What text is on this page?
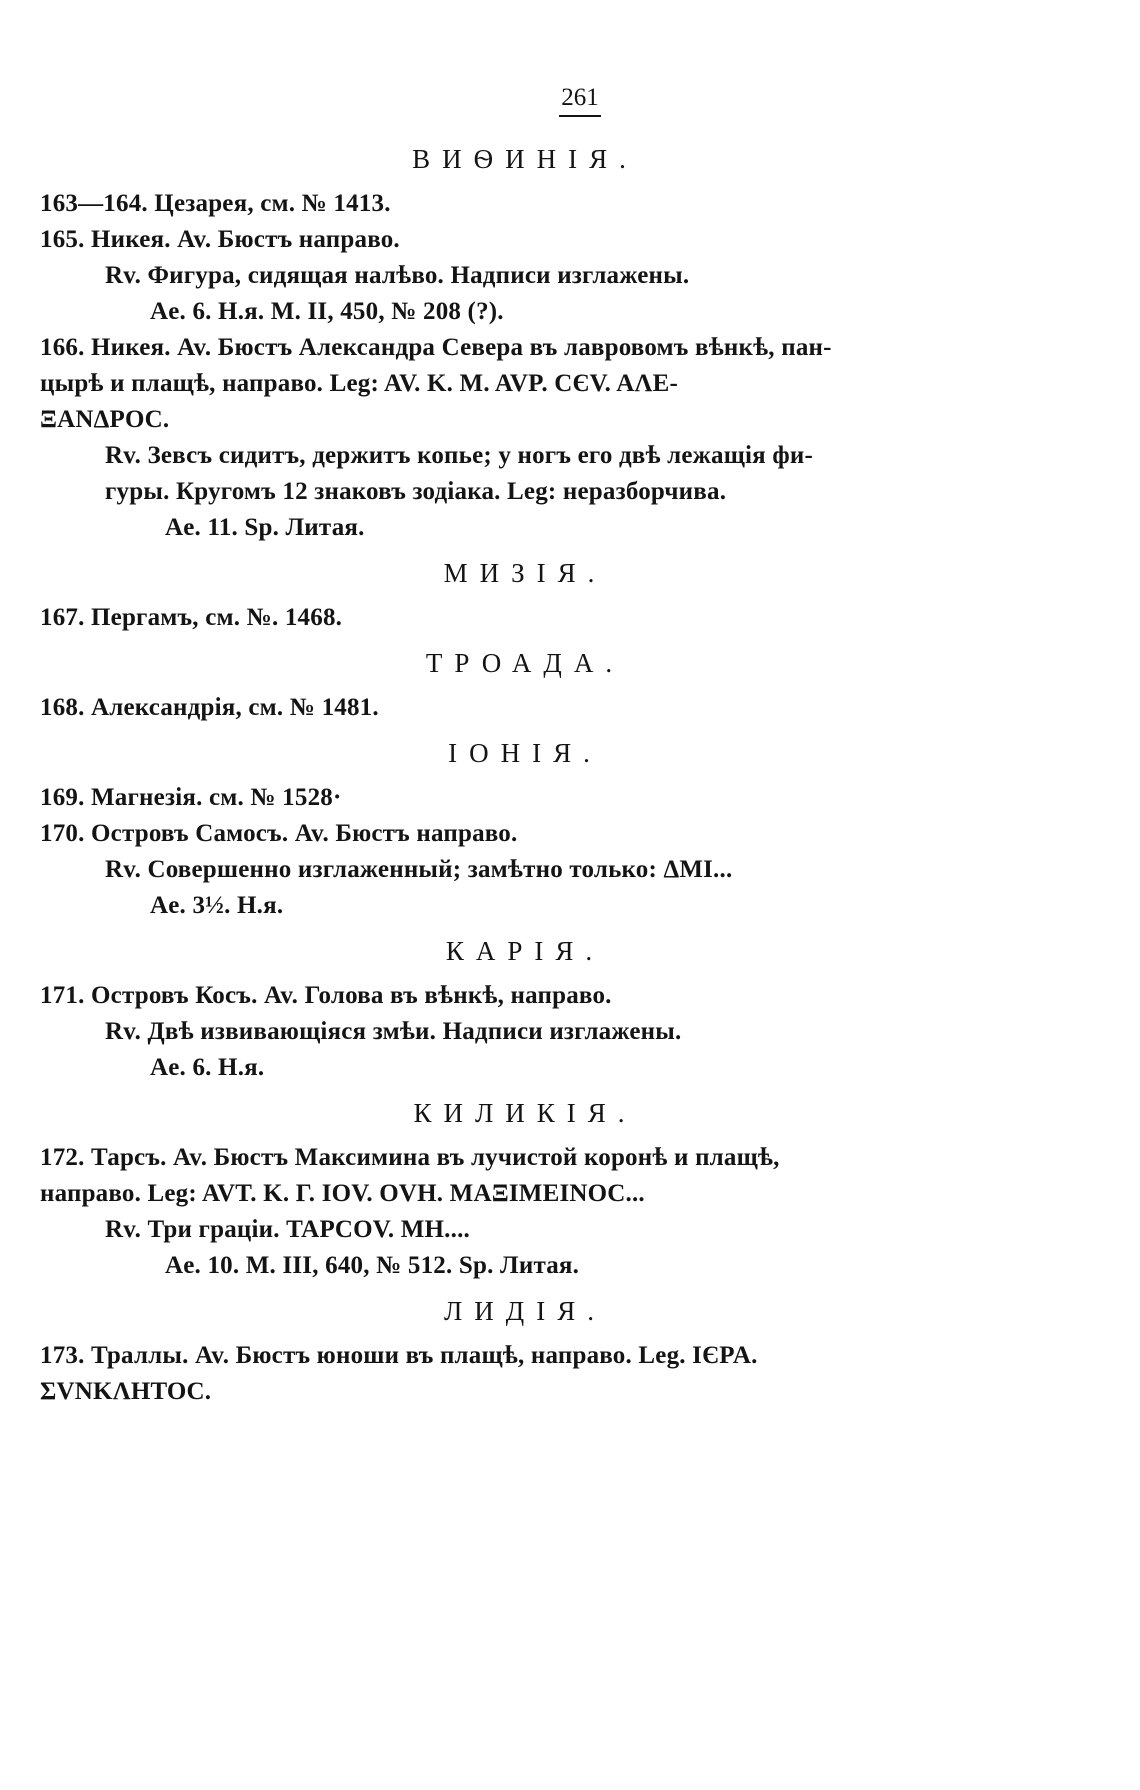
261
ВИѲИНІЯ.
163—164. Цезарея, см. № 1413.
165. Никея. Av. Бюстъ направо.
Rv. Фигура, сидящая налѣво. Надписи изглажены.
Ae. 6. Н.я. M. II, 450, № 208 (?).
166. Никея. Av. Бюстъ Александра Севера въ лавровомъ вѣнкѣ, пан-
цырѣ и плащѣ, направо. Leg: AV. K. M. AVP. CЄV. AΛE-
ΞANΔPOC.
Rv. Зевсъ сидитъ, держитъ копье; у ногъ его двѣ лежащія фи-
гуры. Кругомъ 12 знаковъ зодіака. Leg: неразборчива.
Ae. 11. Sp. Литая.
МИЗІЯ.
167. Пергамъ, см. №. 1468.
ТРОАДА.
168. Александрія, см. № 1481.
ІОНІЯ.
169. Магнезія. см. № 1528·
170. Островъ Самосъ. Av. Бюстъ направо.
Rv. Совершенно изглаженный; замѣтно только: ΔMI...
Ae. 3½. Н.я.
КАРІЯ.
171. Островъ Косъ. Av. Голова въ вѣнкѣ, направо.
Rv. Двѣ извивающіяся змѣи. Надписи изглажены.
Ae. 6. Н.я.
КИЛИКІЯ.
172. Тарсъ. Av. Бюстъ Максимина въ лучистой коронѣ и плащѣ,
направо. Leg: AVT. K. Γ. IOV. OVH. MAΞIMEINOC...
Rv. Три граціи. TAPCOV. MH....
Ae. 10. M. III, 640, № 512. Sp. Литая.
ЛИДІЯ.
173. Траллы. Av. Бюстъ юноши въ плащѣ, направо. Leg. IЄPA.
ΣVNKΛHTOC.
